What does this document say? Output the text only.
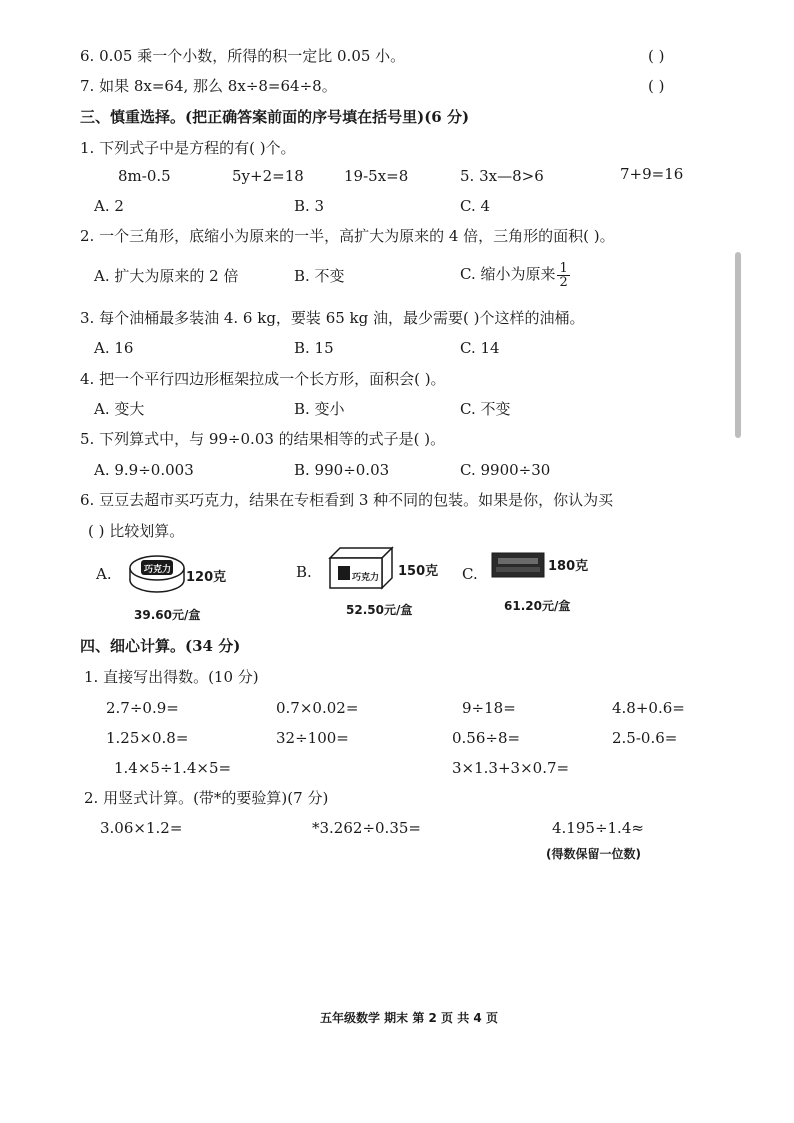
6. 0.05 乘一个小数，所得的积一定比 0.05 小。	( )
7. 如果 8x=64, 那么 8x÷8=64÷8。	( )
三、慎重选择。(把正确答案前面的序号填在括号里)(6 分)
1. 下列式子中是方程的有( )个。
8m-0.5	5y+2=18	19-5x=8	5. 3x—8>6	7+9=16
A. 2	B. 3	C. 4
2. 一个三角形，底缩小为原来的一半，高扩大为原来的 4 倍，三角形的面积( )。
A. 扩大为原来的 2 倍	B. 不变	C. 缩小为原来 $\frac{1}{2}$
3. 每个油桶最多装油 4. 6 kg，要装 65 kg 油，最少需要( )个这样的油桶。
A. 16	B. 15	C. 14
4. 把一个平行四边形框架拉成一个长方形，面积会( )。
A. 变大	B. 变小	C. 不变
5. 下列算式中，与 99÷0.03 的结果相等的式子是( )。
A. 9.9÷0.003	B. 990÷0.03	C. 9900÷30
6. 豆豆去超市买巧克力，结果在专柜看到 3 种不同的包装。如果是你，你认为买
( ) 比较划算。
A.	巧克力 120克
39.60元/盒
B.	巧克力 150克
52.50元/盒
C.	180克
61.20元/盒
四、细心计算。(34 分)
1. 直接写出得数。(10 分)
2.7÷0.9=	0.7×0.02=	9÷18=	4.8+0.6=
1.25×0.8=	32÷100=	0.56÷8=	2.5-0.6=
1.4×5÷1.4×5=	3×1.3+3×0.7=
2. 用竖式计算。(带*的要验算)(7 分)
3.06×1.2=	*3.262÷0.35=	4.195÷1.4≈
(得数保留一位数)
五年级数学 期末 第 2 页 共 4 页
